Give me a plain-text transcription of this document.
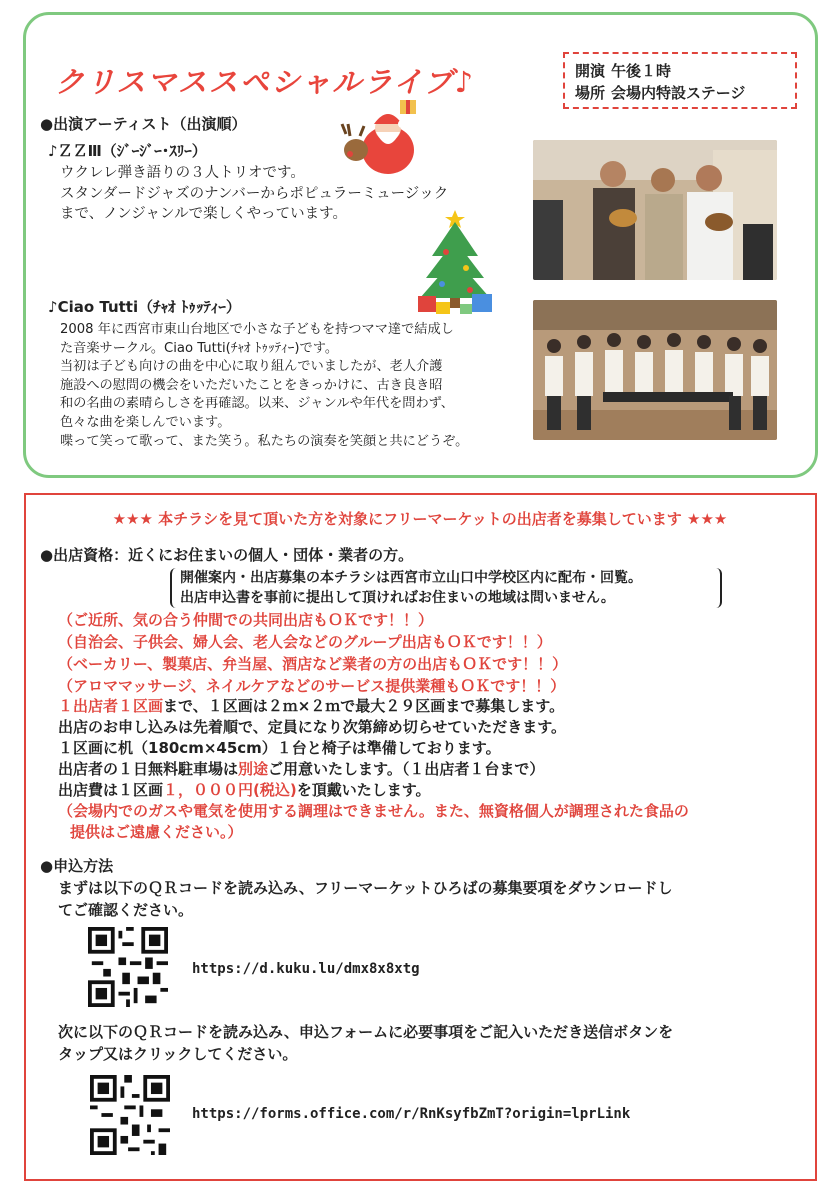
クリスマススペシャルライブ♪	開演 午後１時
場所 会場内特設ステージ
●出演アーティスト（出演順）
♪ＺＺⅢ（ｼﾞｰｼﾞｰ･ｽﾘｰ）
ウクレレ弾き語りの３人トリオです。
スタンダードジャズのナンバーからポピュラーミュージック
まで、ノンジャンルで楽しくやっています。
♪Ciao Tutti（ﾁｬｵ ﾄｩｯﾃｨｰ）
2008 年に西宮市東山台地区で小さな子どもを持つママ達で結成し
た音楽サークル。Ciao Tutti(ﾁｬｵ ﾄｩｯﾃｨｰ)です。
当初は子ども向けの曲を中心に取り組んでいましたが、老人介護
施設への慰問の機会をいただいたことをきっかけに、古き良き昭
和の名曲の素晴らしさを再確認。以来、ジャンルや年代を問わず、
色々な曲を楽しんでいます。
喋って笑って歌って、また笑う。私たちの演奏を笑顔と共にどうぞ。
★★★ 本チラシを見て頂いた方を対象にフリーマーケットの出店者を募集しています ★★★
●出店資格：近くにお住まいの個人・団体・業者の方。
開催案内・出店募集の本チラシは西宮市立山口中学校区内に配布・回覧。
出店申込書を事前に提出して頂ければお住まいの地域は問いません。
（ご近所、気の合う仲間での共同出店もＯＫです！！）
（自治会、子供会、婦人会、老人会などのグループ出店もＯＫです！！）
（ベーカリー、製菓店、弁当屋、酒店など業者の方の出店もＯＫです！！）
（アロママッサージ、ネイルケアなどのサービス提供業種もＯＫです！！）
１出店者１区画まで、１区画は２ｍ×２ｍで最大２９区画まで募集します。
出店のお申し込みは先着順で、定員になり次第締め切らせていただきます。
１区画に机（180cm×45cm）１台と椅子は準備しております。
出店者の１日無料駐車場は別途ご用意いたします。（１出店者１台まで）
出店費は１区画１，０００円(税込)を頂戴いたします。
（会場内でのガスや電気を使用する調理はできません。また、無資格個人が調理された食品の
提供はご遠慮ください。）
●申込方法
まずは以下のＱＲコードを読み込み、フリーマーケットひろばの募集要項をダウンロードし
てご確認ください。
https://d.kuku.lu/dmx8x8xtg
次に以下のＱＲコードを読み込み、申込フォームに必要事項をご記入いただき送信ボタンを
タップ又はクリックしてください。
https://forms.office.com/r/RnKsyfbZmT?origin=lprLink
